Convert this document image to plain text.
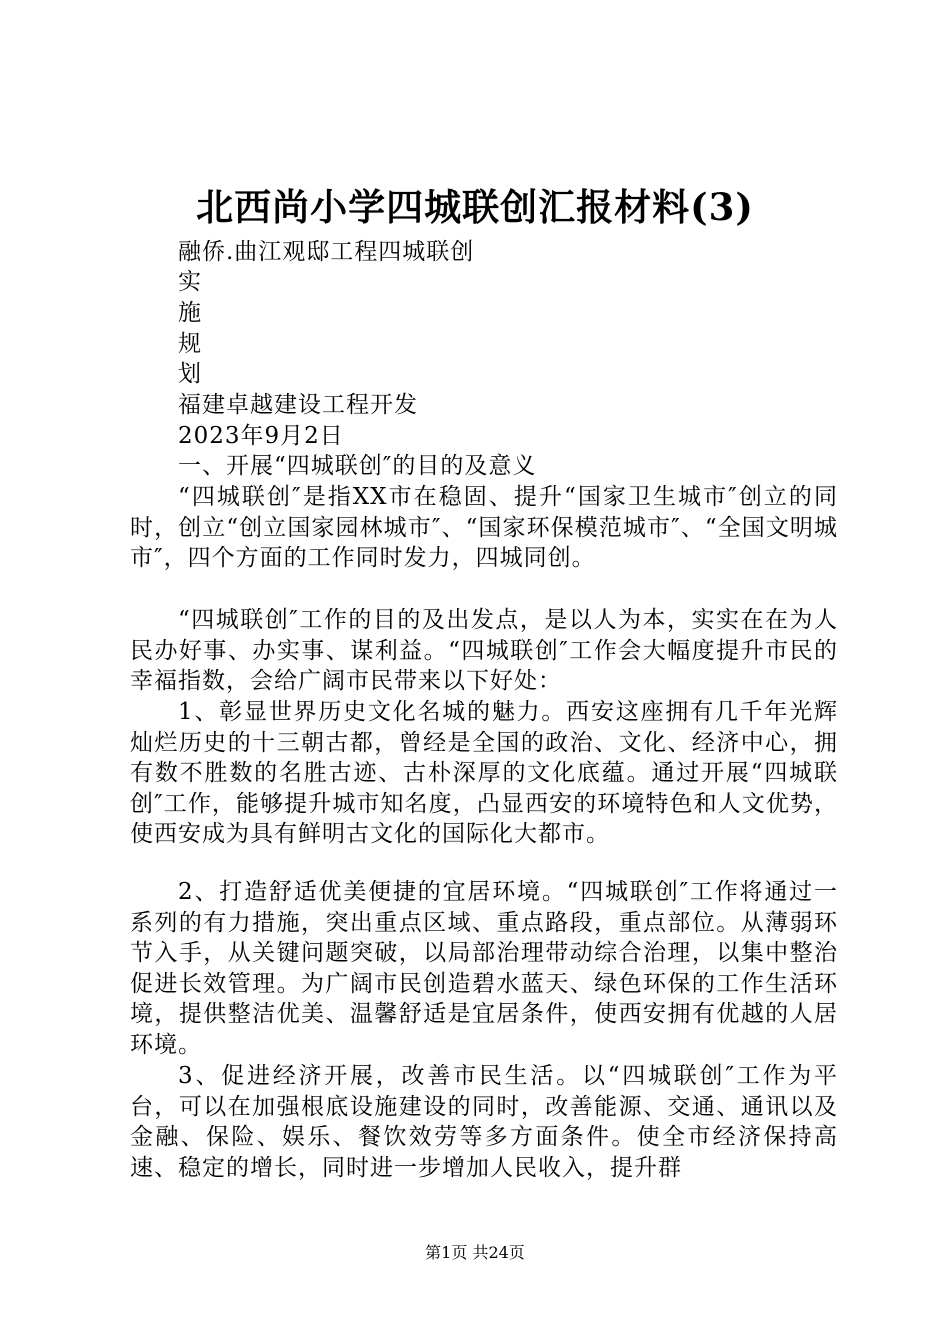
北西尚小学四城联创汇报材料(3)
融侨.曲江观邸工程四城联创
实
施
规
划
福建卓越建设工程开发
2023年9月2日
一、开展“四城联创″的目的及意义

“四城联创″是指XX市在稳固、提升“国家卫生城市″创立的同时，创立“创立国家园林城市″、“国家环保模范城市″、“全国文明城市″，四个方面的工作同时发力，四城同创。

“四城联创″工作的目的及出发点，是以人为本，实实在在为人民办好事、办实事、谋利益。“四城联创″工作会大幅度提升市民的幸福指数，会给广阔市民带来以下好处：

1、彰显世界历史文化名城的魅力。西安这座拥有几千年光辉灿烂历史的十三朝古都，曾经是全国的政治、文化、经济中心，拥有数不胜数的名胜古迹、古朴深厚的文化底蕴。通过开展“四城联创″工作，能够提升城市知名度，凸显西安的环境特色和人文优势，使西安成为具有鲜明古文化的国际化大都市。

2、打造舒适优美便捷的宜居环境。“四城联创″工作将通过一系列的有力措施，突出重点区域、重点路段，重点部位。从薄弱环节入手，从关键问题突破，以局部治理带动综合治理，以集中整治促进长效管理。为广阔市民创造碧水蓝天、绿色环保的工作生活环境，提供整洁优美、温馨舒适是宜居条件，使西安拥有优越的人居环境。

3、促进经济开展，改善市民生活。以“四城联创″工作为平台，可以在加强根底设施建设的同时，改善能源、交通、通讯以及金融、保险、娱乐、餐饮效劳等多方面条件。使全市经济保持高速、稳定的增长，同时进一步增加人民收入，提升群

第1页 共24页
